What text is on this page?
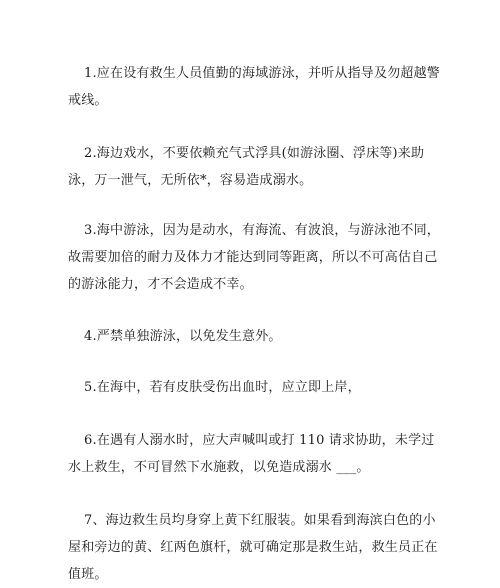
1.应在设有救生人员值勤的海域游泳，并听从指导及勿超越警戒线。

2.海边戏水，不要依赖充气式浮具(如游泳圈、浮床等)来助泳，万一泄气，无所依*，容易造成溺水。

3.海中游泳，因为是动水，有海流、有波浪，与游泳池不同，故需要加倍的耐力及体力才能达到同等距离，所以不可高估自己的游泳能力，才不会造成不幸。

4.严禁单独游泳，以免发生意外。

5.在海中，若有皮肤受伤出血时，应立即上岸，

6.在遇有人溺水时，应大声喊叫或打 110 请求协助，未学过水上救生，不可冒然下水施救，以免造成溺水 ___。

7、海边救生员均身穿上黄下红服装。如果看到海滨白色的小屋和旁边的黄、红两色旗杆，就可确定那是救生站，救生员正在值班。
